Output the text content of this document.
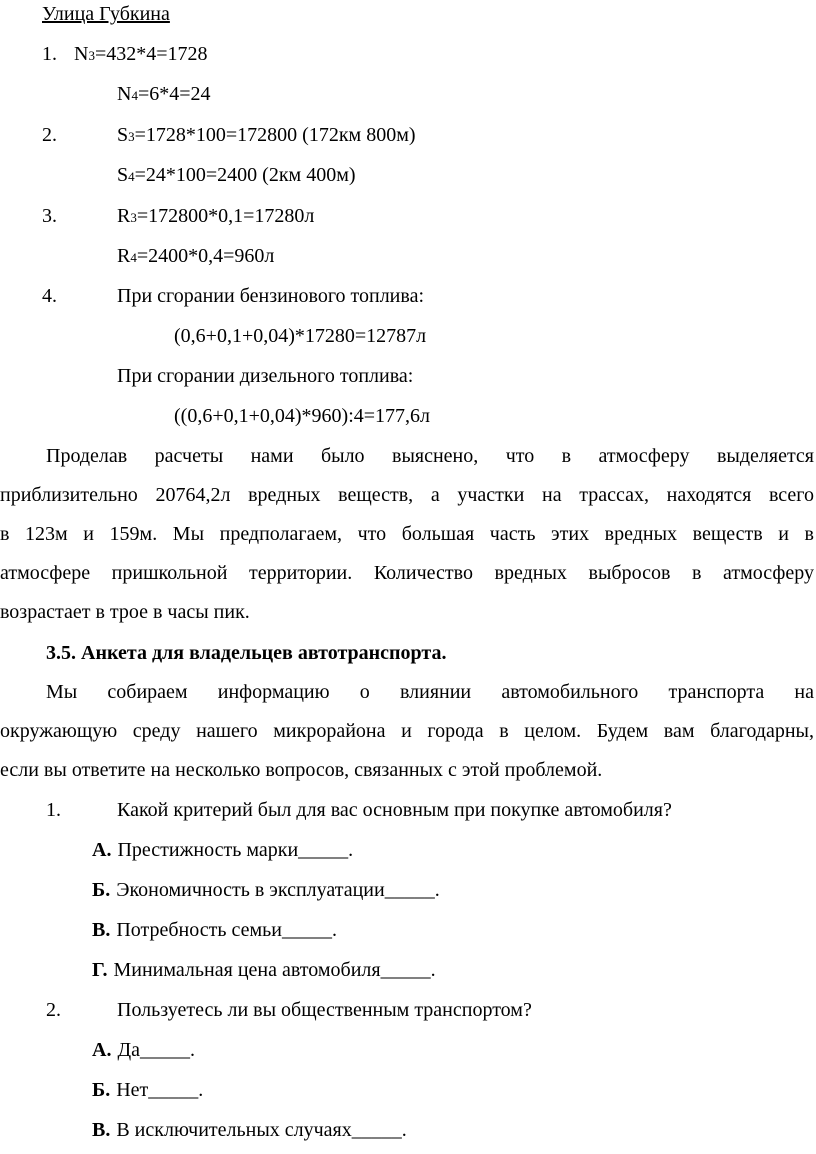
Улица Губкина
1. N3=432*4=1728
N4=6*4=24
2.	S3=1728*100=172800 (172км 800м)
S4=24*100=2400 (2км 400м)
3.	R3=172800*0,1=17280л
R4=2400*0,4=960л
4.	При сгорании бензинового топлива:
(0,6+0,1+0,04)*17280=12787л
При сгорании дизельного топлива:
((0,6+0,1+0,04)*960):4=177,6л
Проделав расчеты нами было выяснено, что в атмосферу выделяется
приблизительно 20764,2л вредных веществ, а участки на трассах, находятся всего
в 123м и 159м. Мы предполагаем, что большая часть этих вредных веществ и в
атмосфере пришкольной территории. Количество вредных выбросов в атмосферу
возрастает в трое в часы пик.
3.5. Анкета для владельцев автотранспорта.
Мы собираем информацию о влиянии автомобильного транспорта на
окружающую среду нашего микрорайона и города в целом. Будем вам благодарны,
если вы ответите на несколько вопросов, связанных с этой проблемой.
1.	Какой критерий был для вас основным при покупке автомобиля?
А. Престижность марки_____.
Б. Экономичность в эксплуатации_____.
В. Потребность семьи_____.
Г. Минимальная цена автомобиля_____.
2.	Пользуетесь ли вы общественным транспортом?
А. Да_____.
Б. Нет_____.
В. В исключительных случаях_____.
